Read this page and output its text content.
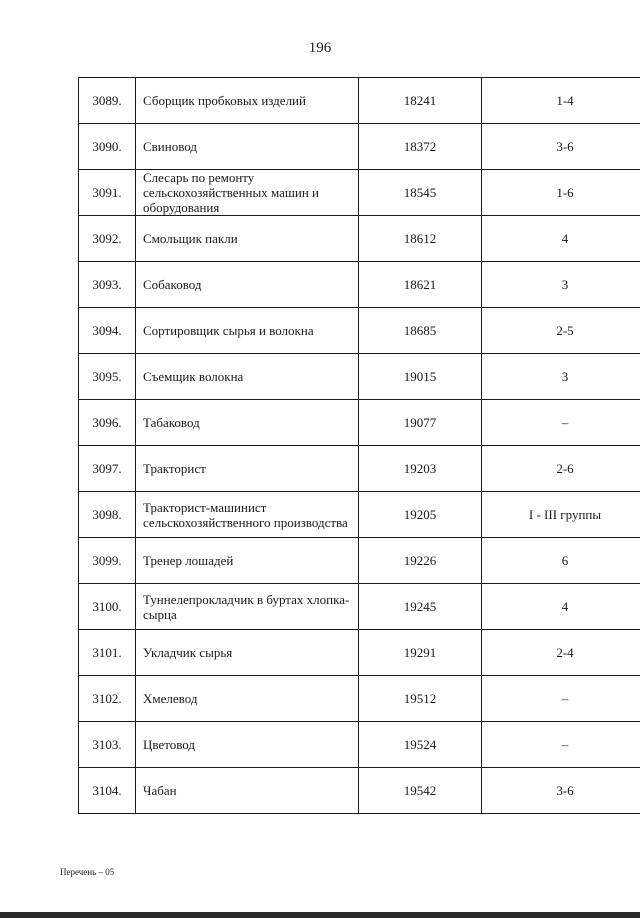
196
3089.	Сборщик пробковых изделий	18241	1-4
3090.	Свиновод	18372	3-6
3091.	Слесарь по ремонту сельскохозяйственных машин и оборудования	18545	1-6
3092.	Смольщик пакли	18612	4
3093.	Собаковод	18621	3
3094.	Сортировщик сырья и волокна	18685	2-5
3095.	Съемщик волокна	19015	3
3096.	Табаковод	19077	–
3097.	Тракторист	19203	2-6
3098.	Тракторист-машинист сельскохозяйственного производства	19205	I - III группы
3099.	Тренер лошадей	19226	6
3100.	Туннелепрокладчик в буртах хлопка-сырца	19245	4
3101.	Укладчик сырья	19291	2-4
3102.	Хмелевод	19512	–
3103.	Цветовод	19524	–
3104.	Чабан	19542	3-6
Перечень – 05
